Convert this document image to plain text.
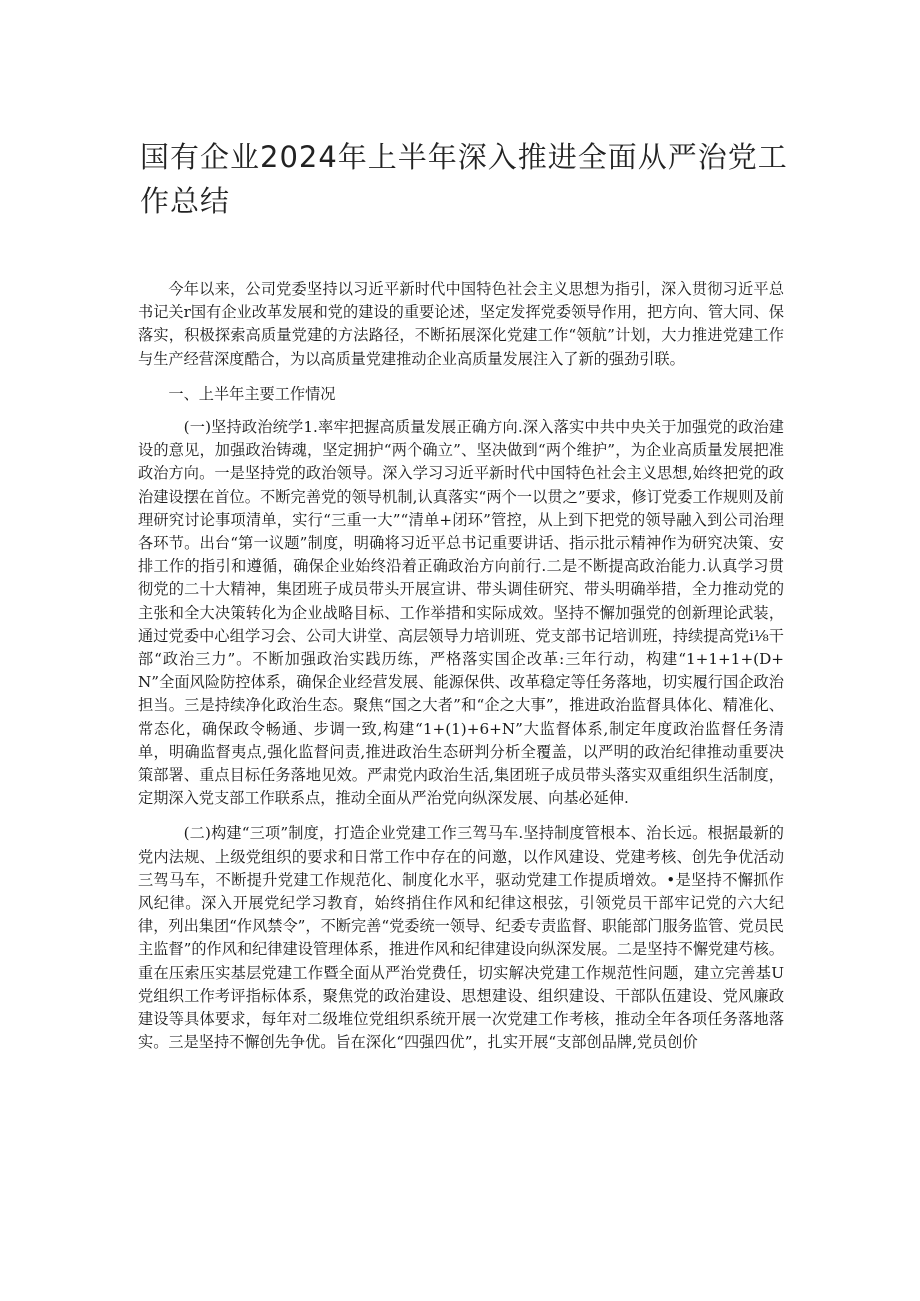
国有企业2024年上半年深入推进全面从严治党工作总结

今年以来，公司党委坚持以习近平新时代中国特色社会主义思想为指引，深入贯彻习近平总书记关r国有企业改革发展和党的建设的重要论述，坚定发挥党委领导作用，把方向、管大同、保落实，积极探索高质量党建的方法路径，不断拓展深化党建工作“领航”计划，大力推进党建工作与生产经营深度酷合，为以高质量党建推动企业高质量发展注入了新的强劲引联。

一、上半年主要工作情况

(一)坚持政治统学1.率牢把握高质量发展正确方向.深入落实中共中央关于加强党的政治建设的意见，加强政治铸魂，坚定拥护“两个确立”、坚决做到“两个维护”，为企业高质量发展把准政治方向。一是坚持党的政治领导。深入学习习近平新时代中国特色社会主义思想,始终把党的政治建设摆在首位。不断完善党的领导机制,认真落实“两个一以贯之”要求，修订党委工作规则及前理研究讨论事项清单，实行“三重一大”“清单+闭环”管控，从上到下把党的领导融入到公司治理各环节。出台“第一议题”制度，明确将习近平总书记重要讲话、指示批示精神作为研究决策、安排工作的指引和遵循，确保企业始终沿着正确政治方向前行.二是不断提高政治能力.认真学习贯彻党的二十大精神，集团班子成员带头开展宣讲、带头调佳研究、带头明确举措，全力推动党的主张和全大决策转化为企业战略目标、工作举措和实际成效。坚持不懈加强党的创新理论武装，通过党委中心组学习会、公司大讲堂、高层领导力培训班、党支部书记培训班，持续提高党i⅛干部“政治三力”。不断加强政治实践历练，严格落实国企改革:三年行动，构建“1+1+1+(D+N”全面风险防控体系，确保企业经营发展、能源保供、改革稳定等任务落地，切实履行国企政治担当。三是持续净化政治生态。聚焦“国之大者”和“企之大事”，推进政治监督具体化、精准化、常态化，确保政令畅通、步调一致,构建“1+(1)+6+N”大监督体系,制定年度政治监督任务清单，明确监督夷点,强化监督问责,推进政治生态研判分析全覆盖，以严明的政治纪律推动重要决策部署、重点目标任务落地见效。严肃党内政治生活,集团班子成员带头落实双重组织生活制度，定期深入党支部工作联系点，推动全面从严治党向纵深发展、向基必延伸.

(二)构建“三项”制度，打造企业党建工作三驾马车.坚持制度管根本、治长远。根据最新的党内法规、上级党组织的要求和日常工作中存在的问邀，以作风建设、党建考核、创先争优活动三驾马车，不断提升党建工作规范化、制度化水平，驱动党建工作提质增效。•是坚持不懈抓作风纪律。深入开展党纪学习教育，始终捎住作风和纪律这根弦，引领党员干部牢记党的六大纪律，列出集团“作风禁令”，不断完善“党委统一领导、纪委专责监督、职能部门服务监管、党员民主监督”的作风和纪律建设管理体系，推进作风和纪律建设向纵深发展。二是坚持不懈党建芍核。重在压索压实基层党建工作暨全面从严治党费任，切实解决党建工作规范性问题，建立完善基U党组织工作考评指标体系，聚焦党的政治建设、思想建设、组织建设、干部队伍建设、党风廉政建设等具体要求，每年对二级堆位党组织系统开展一次党建工作考核，推动全年各项任务落地落实。三是坚持不懈创先争优。旨在深化“四强四优”，扎实开展“支部创品牌,党员创价
